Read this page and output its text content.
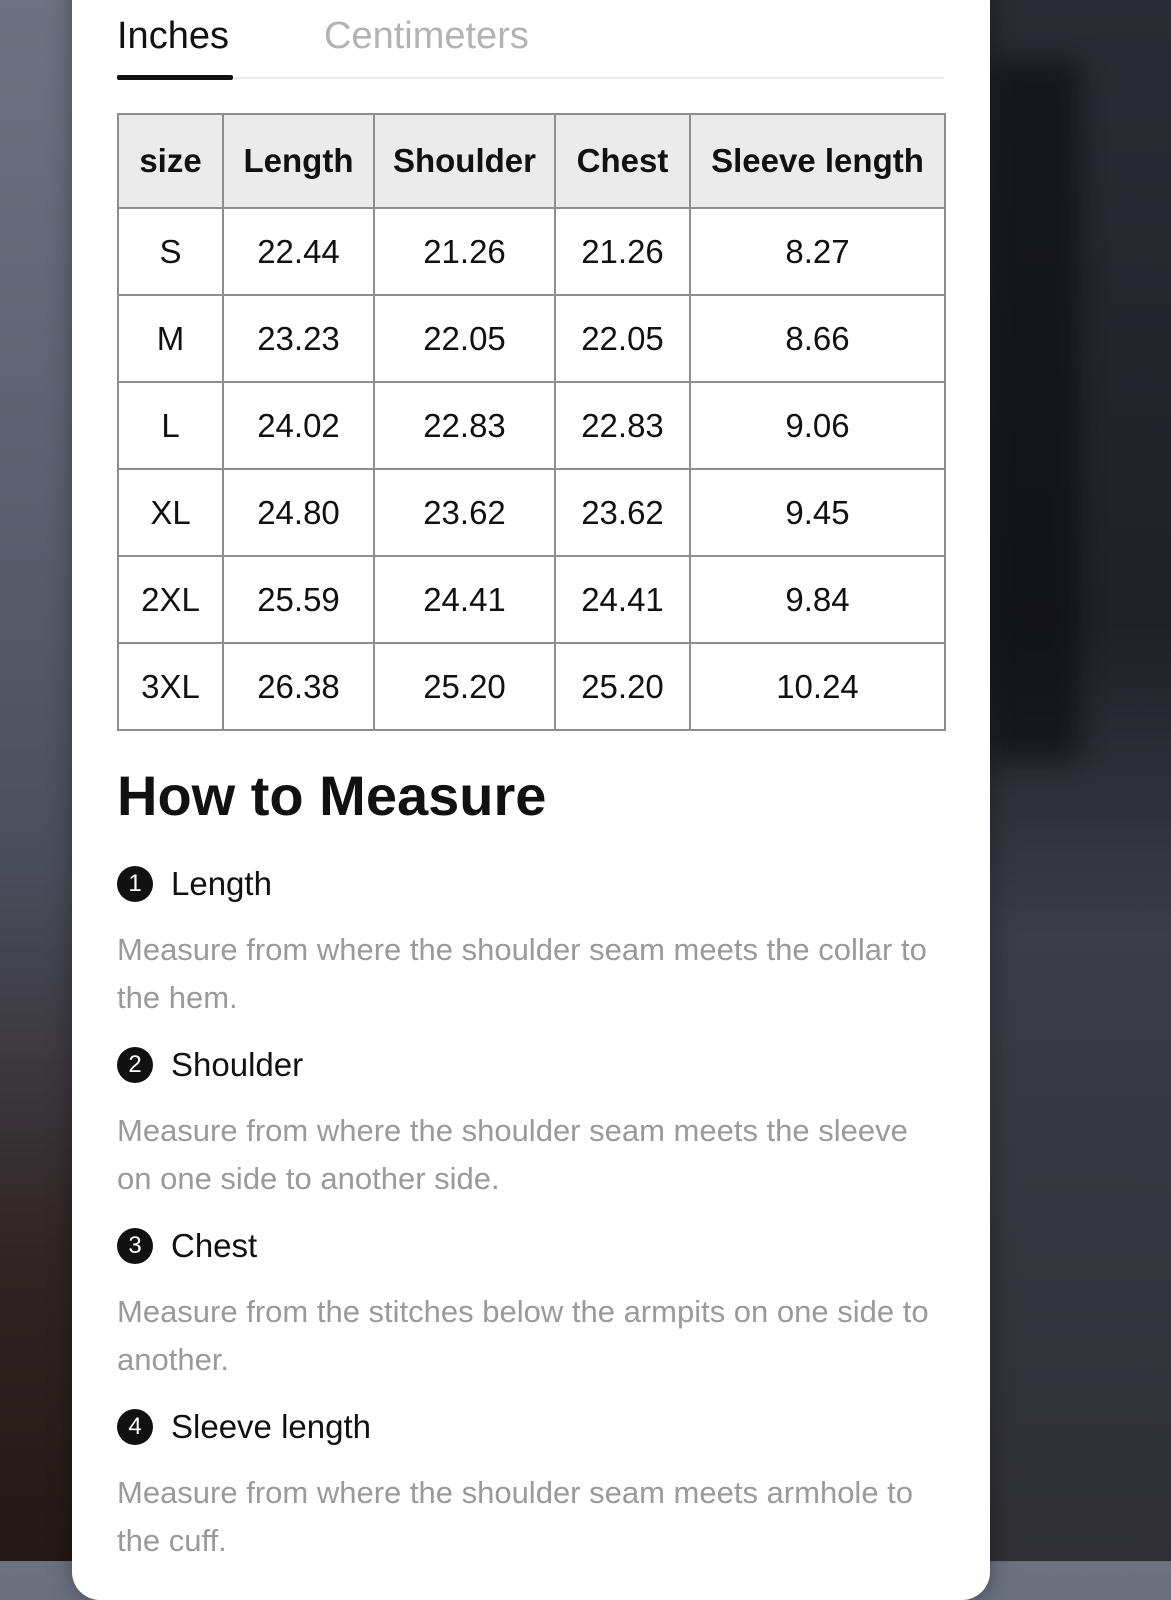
Inches	Centimeters
size	Length	Shoulder	Chest	Sleeve length
S	22.44	21.26	21.26	8.27
M	23.23	22.05	22.05	8.66
L	24.02	22.83	22.83	9.06
XL	24.80	23.62	23.62	9.45
2XL	25.59	24.41	24.41	9.84
3XL	26.38	25.20	25.20	10.24
How to Measure
1 Length
Measure from where the shoulder seam meets the collar to the hem.
2 Shoulder
Measure from where the shoulder seam meets the sleeve on one side to another side.
3 Chest
Measure from the stitches below the armpits on one side to another.
4 Sleeve length
Measure from where the shoulder seam meets armhole to the cuff.
